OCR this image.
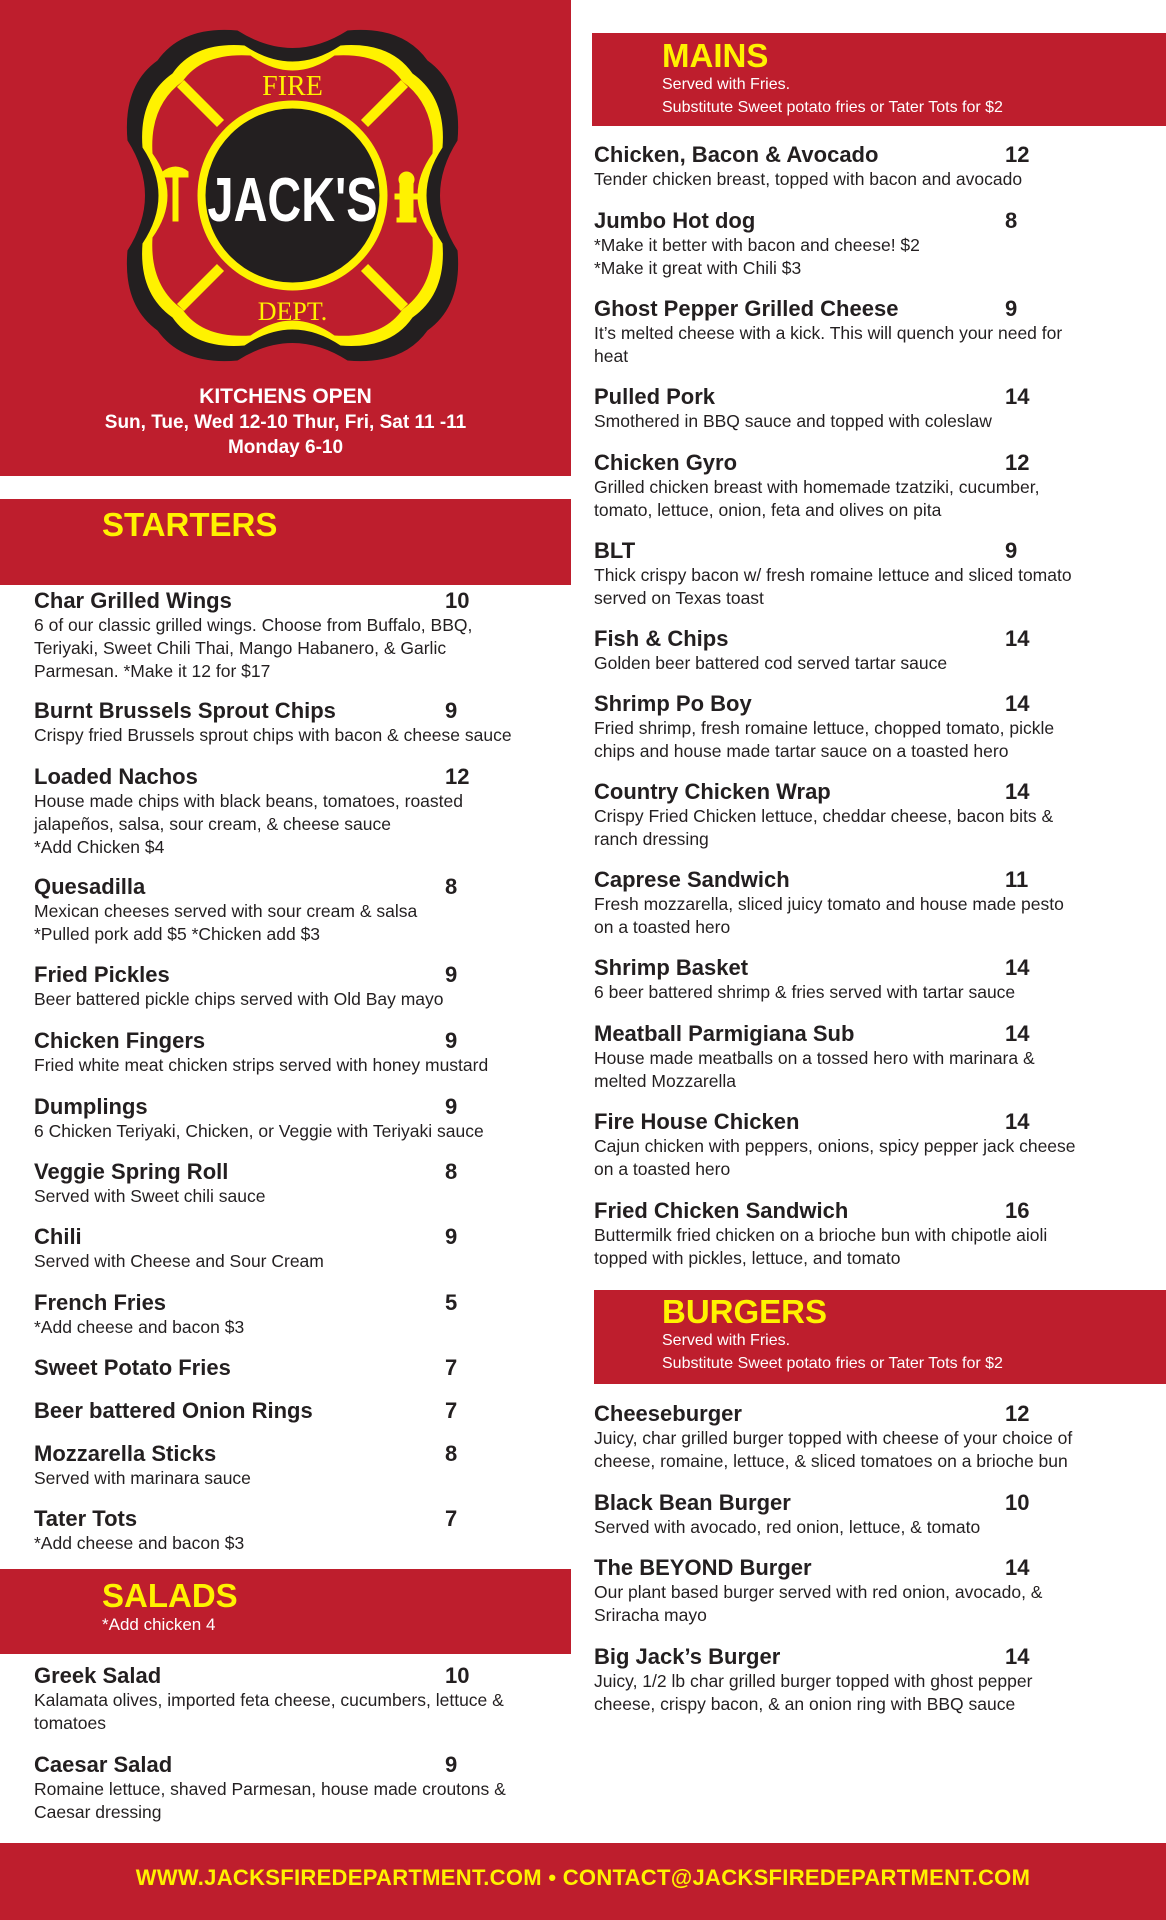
FIRE
JACK'S
DEPT.
KITCHENS OPEN
Sun, Tue, Wed 12-10 Thur, Fri, Sat 11 -11
Monday 6-10
STARTERS
SALADS
*Add chicken 4
MAINS
Served with Fries.
Substitute Sweet potato fries or Tater Tots for $2
BURGERS
Served with Fries.
Substitute Sweet potato fries or Tater Tots for $2
Char Grilled Wings	10
6 of our classic grilled wings. Choose from Buffalo, BBQ,
Teriyaki, Sweet Chili Thai, Mango Habanero, & Garlic
Parmesan. *Make it 12 for $17
Burnt Brussels Sprout Chips	9
Crispy fried Brussels sprout chips with bacon & cheese sauce
Loaded Nachos	12
House made chips with black beans, tomatoes, roasted
jalapeños, salsa, sour cream, & cheese sauce
*Add Chicken $4
Quesadilla	8
Mexican cheeses served with sour cream & salsa
*Pulled pork add $5 *Chicken add $3
Fried Pickles	9
Beer battered pickle chips served with Old Bay mayo
Chicken Fingers	9
Fried white meat chicken strips served with honey mustard
Dumplings	9
6 Chicken Teriyaki, Chicken, or Veggie with Teriyaki sauce
Veggie Spring Roll	8
Served with Sweet chili sauce
Chili	9
Served with Cheese and Sour Cream
French Fries	5
*Add cheese and bacon $3
Sweet Potato Fries	7
Beer battered Onion Rings	7
Mozzarella Sticks	8
Served with marinara sauce
Tater Tots	7
*Add cheese and bacon $3
Greek Salad	10
Kalamata olives, imported feta cheese, cucumbers, lettuce &
tomatoes
Caesar Salad	9
Romaine lettuce, shaved Parmesan, house made croutons &
Caesar dressing
Chicken, Bacon & Avocado	12
Tender chicken breast, topped with bacon and avocado
Jumbo Hot dog	8
*Make it better with bacon and cheese! $2
*Make it great with Chili $3
Ghost Pepper Grilled Cheese	9
It’s melted cheese with a kick. This will quench your need for
heat
Pulled Pork	14
Smothered in BBQ sauce and topped with coleslaw
Chicken Gyro	12
Grilled chicken breast with homemade tzatziki, cucumber,
tomato, lettuce, onion, feta and olives on pita
BLT	9
Thick crispy bacon w/ fresh romaine lettuce and sliced tomato
served on Texas toast
Fish & Chips	14
Golden beer battered cod served tartar sauce
Shrimp Po Boy	14
Fried shrimp, fresh romaine lettuce, chopped tomato, pickle
chips and house made tartar sauce on a toasted hero
Country Chicken Wrap	14
Crispy Fried Chicken lettuce, cheddar cheese, bacon bits &
ranch dressing
Caprese Sandwich	11
Fresh mozzarella, sliced juicy tomato and house made pesto
on a toasted hero
Shrimp Basket	14
6 beer battered shrimp & fries served with tartar sauce
Meatball Parmigiana Sub	14
House made meatballs on a tossed hero with marinara &
melted Mozzarella
Fire House Chicken	14
Cajun chicken with peppers, onions, spicy pepper jack cheese
on a toasted hero
Fried Chicken Sandwich	16
Buttermilk fried chicken on a brioche bun with chipotle aioli
topped with pickles, lettuce, and tomato
Cheeseburger	12
Juicy, char grilled burger topped with cheese of your choice of
cheese, romaine, lettuce, & sliced tomatoes on a brioche bun
Black Bean Burger	10
Served with avocado, red onion, lettuce, & tomato
The BEYOND Burger	14
Our plant based burger served with red onion, avocado, &
Sriracha mayo
Big Jack’s Burger	14
Juicy, 1/2 lb char grilled burger topped with ghost pepper
cheese, crispy bacon, & an onion ring with BBQ sauce
WWW.JACKSFIREDEPARTMENT.COM • CONTACT@JACKSFIREDEPARTMENT.COM
